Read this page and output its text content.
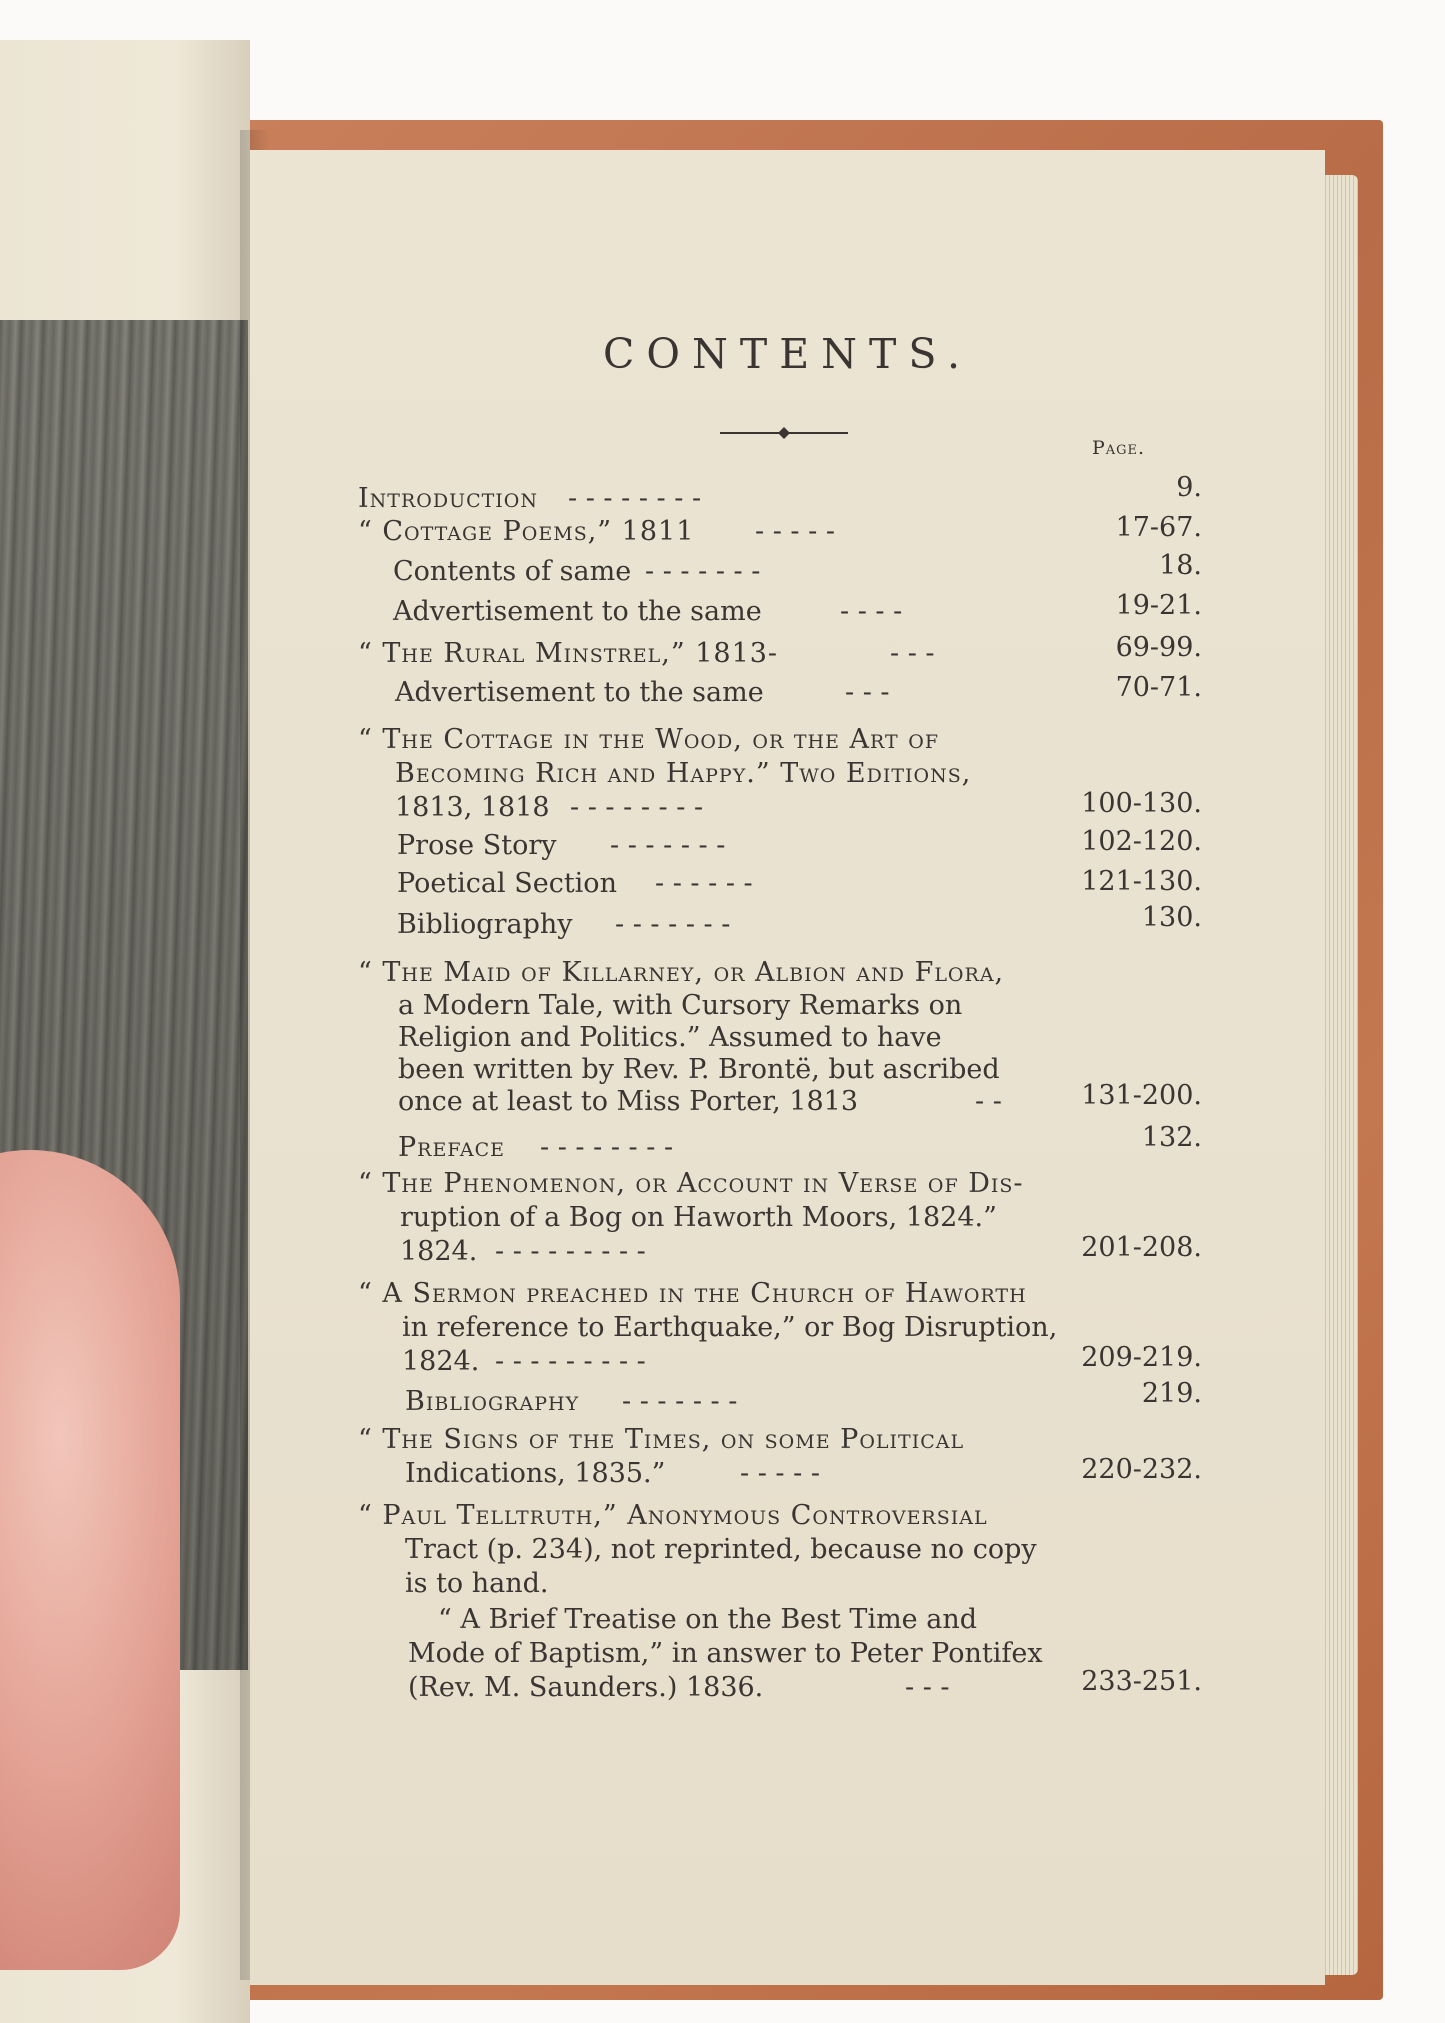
CONTENTS.
Page.
Introduction - - - - - - - -	9.
“ Cottage Poems,” 1811 - - - - -	17-67.
Contents of same - - - - - - -	18.
Advertisement to the same	- - - -	19-21.
“ The Rural Minstrel,” 1813-	- - -	69-99.
Advertisement to the same	- - -	70-71.
“ The Cottage in the Wood, or the Art of
Becoming Rich and Happy.” Two Editions,
1813, 1818 - - - - - - - -	100-130.
Prose Story - - - - - - -	102-120.
Poetical Section - - - - - -	121-130.
Bibliography - - - - - - -	130.
“ The Maid of Killarney, or Albion and Flora,
a Modern Tale, with Cursory Remarks on
Religion and Politics.” Assumed to have
been written by Rev. P. Brontë, but ascribed
once at least to Miss Porter, 1813	- -	131-200.
Preface - - - - - - - -	132.
“ The Phenomenon, or Account in Verse of Dis-
ruption of a Bog on Haworth Moors, 1824.”
1824. - - - - - - - - -	201-208.
“ A Sermon preached in the Church of Haworth
in reference to Earthquake,” or Bog Disruption,
1824. - - - - - - - - -	209-219.
Bibliography - - - - - - -	219.
“ The Signs of the Times, on some Political
Indications, 1835.”	- - - - -	220-232.
“ Paul Telltruth,” Anonymous Controversial
Tract (p. 234), not reprinted, because no copy
is to hand.
“ A Brief Treatise on the Best Time and
Mode of Baptism,” in answer to Peter Pontifex
(Rev. M. Saunders.) 1836.	- - -	233-251.
